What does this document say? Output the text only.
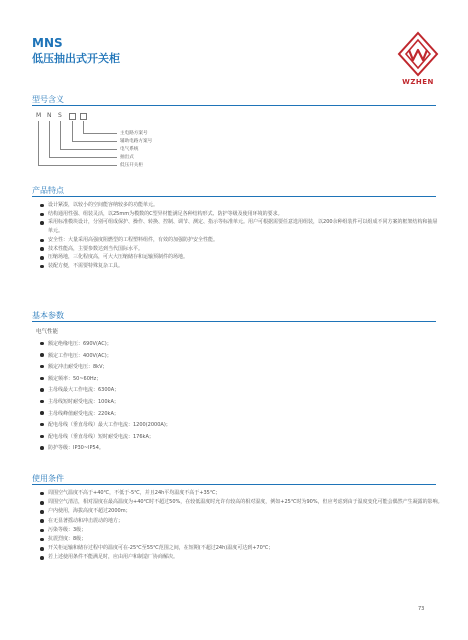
MNS
低压抽出式开关柜
WZHEN
型号含义
M N S
主电路方案号
辅助电路方案号
电气系统
抽出式
低压开关柜
产品特点
设计紧凑，以较小的空间能容纳较多的功能单元。
结构通用性强、组装灵活，以25mm为模数的C型异材能满足各种结构形式、防护等级及使用环境的要求。
采用标准模块设计，分别可组成保护、操作、转换、控制、调节、测定、指示等标准单元。用户可根据需要任意选用组装，以200余种组装件可以组成不同方案的框架结构和抽屉单元。
安全性：大量采用高强度阻燃型的工程塑料组件，有效的加强防护安全性能。
技术性能高，主要参数达到当代国际水平。
压缩场地，三化程度高，可大大压缩储存和运输预制件的场地。
装配方便，不需要特殊复杂工具。
基本参数
电气性能
额定绝缘电压：690V(AC)；
额定工作电压：400V(AC)；
额定冲击耐受电压：8kV；
额定频率：50~60Hz；
主母线最大工作电流：6300A；
主母线短时耐受电流：100kA；
主母线峰值耐受电流：220kA；
配电母线（垂直母线）最大工作电流：1200(2000A)；
配电母线（垂直母线）短时耐受电流：176kA；
防护等级：IP30~IP54。
使用条件
周围空气温度不高于+40℃，不低于-5℃，并且24h平均温度不高于+35℃；
周围空气清洁，相对湿度在最高温度为+40℃时不超过50%，在较低温度时允许有较高的相对湿度，例如+25℃时为90%，但应考虑到由于温度变化可能会偶然产生凝露的影响。
户内使用，海拔高度不超过2000m；
在无显著摇动和冲击震动的地方；
污染等级：3级；
抗震烈度：8级；
开关柜运输和储存过程中的温度可在-25℃至55℃范围之间，在短期(不超过24h)温度可达到+70℃；
若上述使用条件不能满足时，应由用户和制造厂协商解决。
73
